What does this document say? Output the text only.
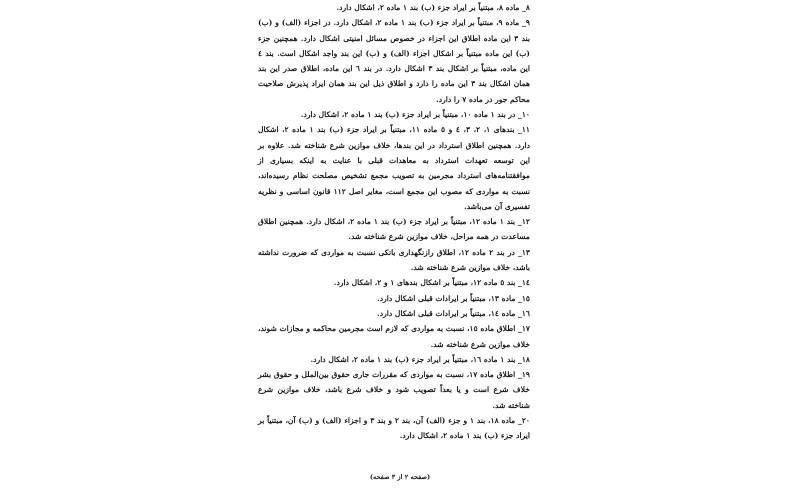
۸_ ماده ۸، مبتنیاً بر ایراد جزء (ب) بند ۱ ماده ۲، اشکال دارد.

۹_ ماده ۹، مبتنیاً بر ایراد جزء (ب) بند ۱ ماده ۲، اشکال دارد. در اجزاء (الف) و (ب) بند ۳ این ماده اطلاق این اجزاء در خصوص مسائل امنیتی اشکال دارد. همچنین جزء (ب) این ماده مبتنیاً بر اشکال اجزاء (الف) و (ب) این بند واجد اشکال است. بند ٤ این ماده، مبتنیاً بر اشکال بند ۳ اشکال دارد. در بند ٦ این ماده، اطلاق صدر این بند همان اشکال بند ۳ این ماده را دارد و اطلاق ذیل این بند همان ایراد پذیرش صلاحیت محاکم جور در ماده ۷ را دارد.

۱۰_ در بند ۱ ماده ۱۰، مبتنیاً بر ایراد جزء (ب) بند ۱ ماده ۲، اشکال دارد.

۱۱_ بندهای ۱، ۲، ۳، ٤ و ٥ ماده ۱۱، مبتنیاً بر ایراد جزء (ب) بند ۱ ماده ۲، اشکال دارد. همچنین اطلاق استرداد در این بندها، خلاف موازین شرع شناخته شد. علاوه بر این توسعه تعهدات استرداد به معاهدات قبلی با عنایت به اینکه بسیاری از موافقتنامه‌های استرداد مجرمین به تصویب مجمع تشخیص مصلحت نظام رسیده‌اند، نسبت به مواردی که مصوب این مجمع است، مغایر اصل ۱۱۲ قانون اساسی و نظریه تفسیری آن می‌باشد.

۱۲_ بند ۱ ماده ۱۲، مبتنیاً بر ایراد جزء (ب) بند ۱ ماده ۲، اشکال دارد. همچنین اطلاق مساعدت در همه مراحل، خلاف موازین شرع شناخته شد.

۱۳_ در بند ۲ ماده ۱۲، اطلاق رازنگهداری بانکی نسبت به مواردی که ضرورت نداشته باشد، خلاف موازین شرع شناخته شد.

۱٤_ بند ٥ ماده ۱۲، مبتنیاً بر اشکال بندهای ۱ و ۲، اشکال دارد.

۱٥_ ماده ۱۳، مبتنیاً بر ایرادات قبلی اشکال دارد.

۱٦_ ماده ۱٤، مبتنیاً بر ایرادات قبلی اشکال دارد.

۱۷_ اطلاق ماده ۱٥، نسبت به مواردی که لازم است مجرمین محاکمه و مجازات شوند، خلاف موازین شرع شناخته شد.

۱۸_ بند ۱ ماده ۱٦، مبتنیاً بر ایراد جزء (ب) بند ۱ ماده ۲، اشکال دارد.

۱۹_ اطلاق ماده ۱۷، نسبت به مواردی که مقررات جاری حقوق بین‌الملل و حقوق بشر خلاف شرع است و یا بعداً تصویب شود و خلاف شرع باشد، خلاف موازین شرع شناخته شد.

۲۰_ ماده ۱۸، بند ۱ و جزء (الف) آن، بند ۲ و بند ۳ و اجزاء (الف) و (ب) آن، مبتنیاً بر ایراد جزء (ب) بند ۱ ماده ۲، اشکال دارد.

(صفحه ۲ از ۳ صفحه)
